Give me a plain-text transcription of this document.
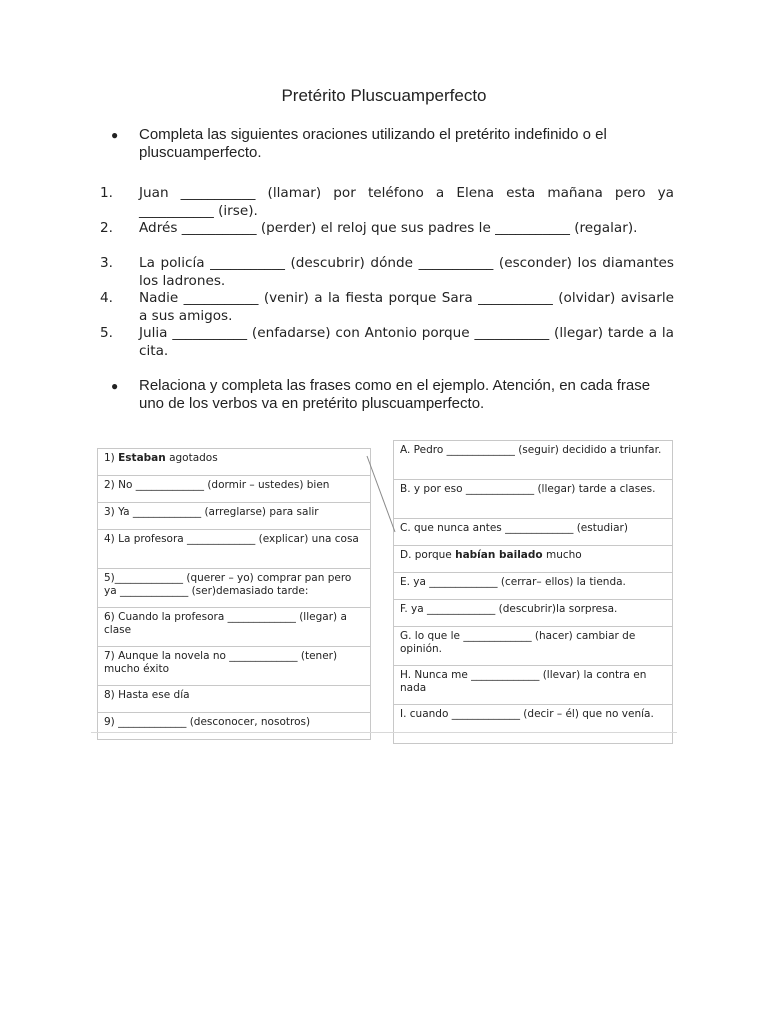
Pretérito Pluscuamperfecto
● Completa las siguientes oraciones utilizando el pretérito indefinido o el pluscuamperfecto.
1. Juan ___________ (llamar) por teléfono a Elena esta mañana pero ya ___________ (irse).
2. Adrés ___________ (perder) el reloj que sus padres le ___________ (regalar).
3. La policía ___________ (descubrir) dónde ___________ (esconder) los diamantes los ladrones.
4. Nadie ___________ (venir) a la fiesta porque Sara ___________ (olvidar) avisarle a sus amigos.
5. Julia ___________ (enfadarse) con Antonio porque ___________ (llegar) tarde a la cita.
● Relaciona y completa las frases como en el ejemplo. Atención, en cada frase uno de los verbos va en pretérito pluscuamperfecto.
1) Estaban agotados
2) No _____________ (dormir – ustedes) bien
3) Ya _____________ (arreglarse) para salir
4) La profesora _____________ (explicar) una cosa
5)_____________ (querer – yo) comprar pan pero ya _____________ (ser)demasiado tarde:
6) Cuando la profesora _____________ (llegar) a clase
7) Aunque la novela no _____________ (tener) mucho éxito
8) Hasta ese día
9) _____________ (desconocer, nosotros)
A. Pedro _____________ (seguir) decidido a triunfar.
B. y por eso _____________ (llegar) tarde a clases.
C. que nunca antes _____________ (estudiar)
D. porque habían bailado mucho
E. ya _____________ (cerrar– ellos) la tienda.
F. ya _____________ (descubrir)la sorpresa.
G. lo que le _____________ (hacer) cambiar de opinión.
H. Nunca me _____________ (llevar) la contra en nada
I. cuando _____________ (decir – él) que no venía.
